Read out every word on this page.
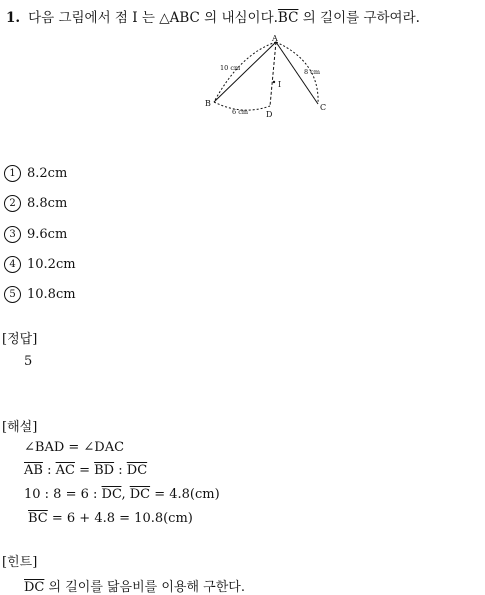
1. 다음 그림에서 점 I 는 △ABC 의 내심이다$.\overline{BC}$ 의 길이를 구하여라.
A
B	C
D
I
10 cm	8 cm
6 cm
1 8.2cm
2 8.8cm
3 9.6cm
4 10.2cm
5 10.8cm
[정답]
5
[해설]
∠BAD = ∠DAC
$\overline{AB}$ : $\overline{AC} = \overline{BD}$ : $\overline{DC}$
10 : 8 = 6 : $\overline{DC}$, $\overline{DC} = 4.8(cm)$
$\overline{BC} = 6 + 4.8 = 10.8(cm)$
[힌트]
$\overline{DC}$ 의 길이를 닮음비를 이용해 구한다.
